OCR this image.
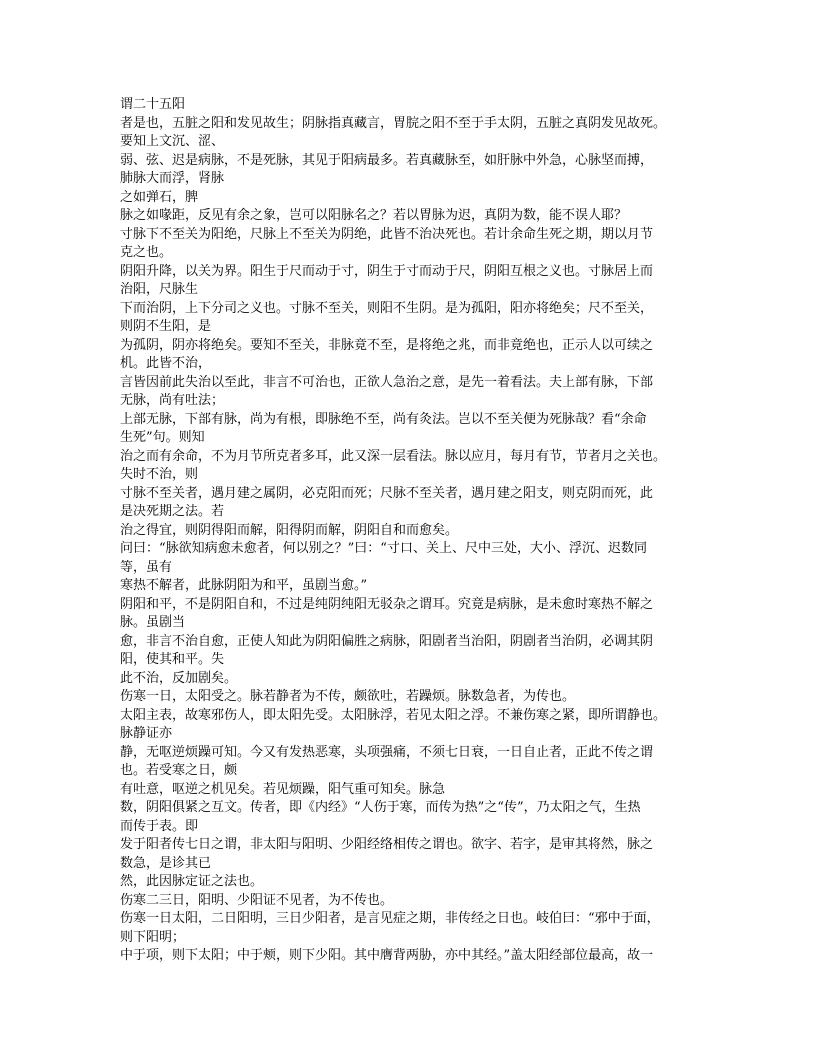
谓二十五阳
者是也，五脏之阳和发见故生；阴脉指真藏言，胃脘之阳不至于手太阴，五脏之真阴发见故死。
要知上文沉、涩、
弱、弦、迟是病脉，不是死脉，其见于阳病最多。若真藏脉至，如肝脉中外急，心脉坚而搏，
肺脉大而浮，肾脉
之如弹石，脾
脉之如喙距，反见有余之象，岂可以阳脉名之？若以胃脉为迟，真阴为数，能不误人耶？
寸脉下不至关为阳绝，尺脉上不至关为阴绝，此皆不治决死也。若计余命生死之期，期以月节
克之也。
阴阳升降，以关为界。阳生于尺而动于寸，阴生于寸而动于尺，阴阳互根之义也。寸脉居上而
治阳，尺脉生
下而治阴，上下分司之义也。寸脉不至关，则阳不生阴。是为孤阳，阳亦将绝矣；尺不至关，
则阴不生阳，是
为孤阴，阴亦将绝矣。要知不至关，非脉竟不至，是将绝之兆，而非竟绝也，正示人以可续之
机。此皆不治，
言皆因前此失治以至此，非言不可治也，正欲人急治之意，是先一着看法。夫上部有脉，下部
无脉，尚有吐法；
上部无脉，下部有脉，尚为有根，即脉绝不至，尚有灸法。岂以不至关便为死脉哉？看“余命
生死”句。则知
治之而有余命，不为月节所克者多耳，此又深一层看法。脉以应月，每月有节，节者月之关也。
失时不治，则
寸脉不至关者，遇月建之属阴，必克阳而死；尺脉不至关者，遇月建之阳支，则克阴而死，此
是决死期之法。若
治之得宜，则阴得阳而解，阳得阴而解，阴阳自和而愈矣。
问曰：“脉欲知病愈未愈者，何以别之？”曰：“寸口、关上、尺中三处，大小、浮沉、迟数同
等，虽有
寒热不解者，此脉阴阳为和平，虽剧当愈。”
阴阳和平，不是阴阳自和，不过是纯阴纯阳无驳杂之谓耳。究竟是病脉，是未愈时寒热不解之
脉。虽剧当
愈，非言不治自愈，正使人知此为阴阳偏胜之病脉，阳剧者当治阳，阴剧者当治阴，必调其阴
阳，使其和平。失
此不治，反加剧矣。
伤寒一日，太阳受之。脉若静者为不传，颇欲吐，若躁烦。脉数急者，为传也。
太阳主表，故寒邪伤人，即太阳先受。太阳脉浮，若见太阳之浮。不兼伤寒之紧，即所谓静也。
脉静证亦
静，无呕逆烦躁可知。今又有发热恶寒，头项强痛，不须七日衰，一日自止者，正此不传之谓
也。若受寒之日，颇
有吐意，呕逆之机见矣。若见烦躁，阳气重可知矣。脉急
数，阴阳俱紧之互文。传者，即《内经》“人伤于寒，而传为热”之“传”，乃太阳之气，生热
而传于表。即
发于阳者传七日之谓，非太阳与阳明、少阳经络相传之谓也。欲字、若字，是审其将然，脉之
数急，是诊其已
然，此因脉定证之法也。
伤寒二三日，阳明、少阳证不见者，为不传也。
伤寒一日太阳，二日阳明，三日少阳者，是言见症之期，非传经之日也。岐伯曰：“邪中于面，
则下阳明；
中于项，则下太阳；中于颊，则下少阳。其中膺背两胁，亦中其经。”盖太阳经部位最高，故一
